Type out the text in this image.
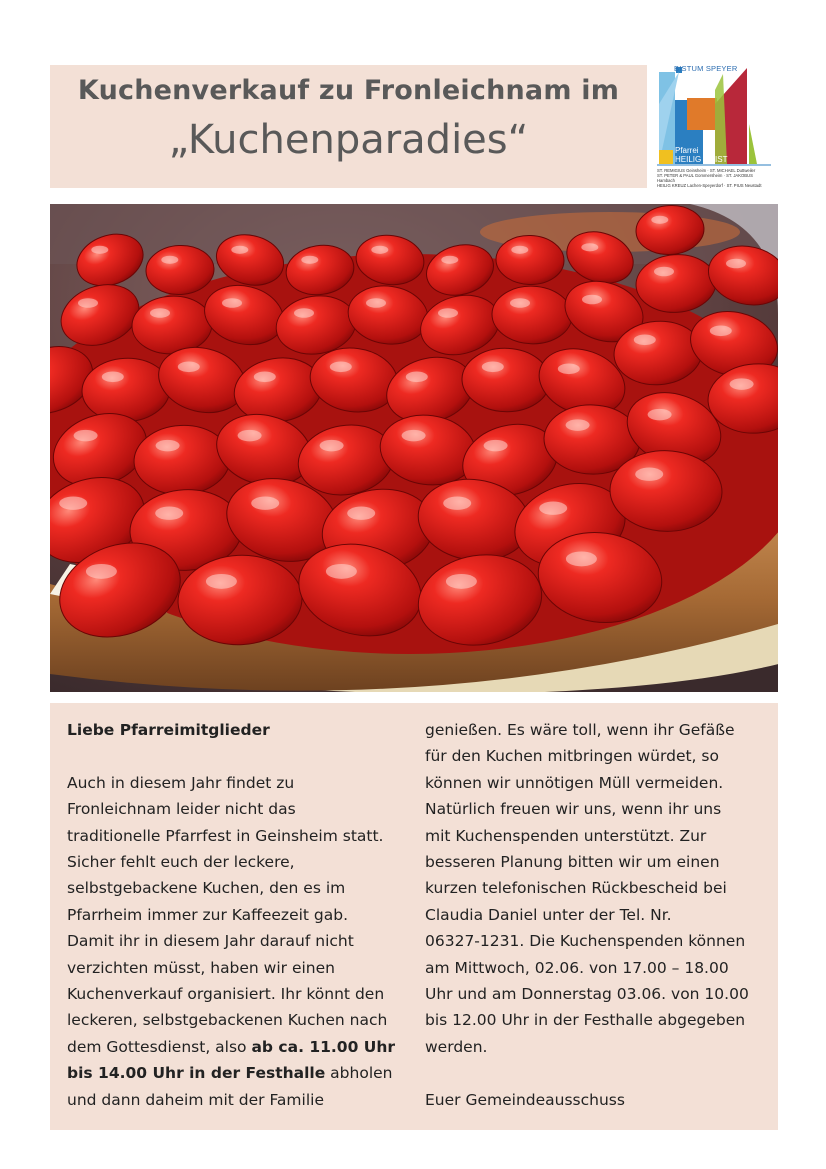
Kuchenverkauf zu Fronleichnam im
„Kuchenparadies“
BISTUM SPEYER
Pfarrei
HEILIG GEIST
ST. REMIGIUS Geinsheim · ST. MICHAEL Duttweiler
ST. PETER & PAUL Gommersheim · ST. JAKOBUS Hambach
HEILIG KREUZ Lachen-Speyerdorf · ST. PIUS Neustadt

Liebe Pfarreimitglieder

Auch in diesem Jahr findet zu

Fronleichnam leider nicht das

traditionelle Pfarrfest in Geinsheim statt.

Sicher fehlt euch der leckere,

selbstgebackene Kuchen, den es im

Pfarrheim immer zur Kaffeezeit gab.

Damit ihr in diesem Jahr darauf nicht

verzichten müsst, haben wir einen

Kuchenverkauf organisiert. Ihr könnt den

leckeren, selbstgebackenen Kuchen nach

dem Gottesdienst, also ab ca. 11.00 Uhr

bis 14.00 Uhr in der Festhalle abholen

und dann daheim mit der Familie

genießen. Es wäre toll, wenn ihr Gefäße

für den Kuchen mitbringen würdet, so

können wir unnötigen Müll vermeiden.

Natürlich freuen wir uns, wenn ihr uns

mit Kuchenspenden unterstützt. Zur

besseren Planung bitten wir um einen

kurzen telefonischen Rückbescheid bei

Claudia Daniel unter der Tel. Nr.

06327-1231. Die Kuchenspenden können

am Mittwoch, 02.06. von 17.00 – 18.00

Uhr und am Donnerstag 03.06. von 10.00

bis 12.00 Uhr in der Festhalle abgegeben

werden.

Euer Gemeindeausschuss
